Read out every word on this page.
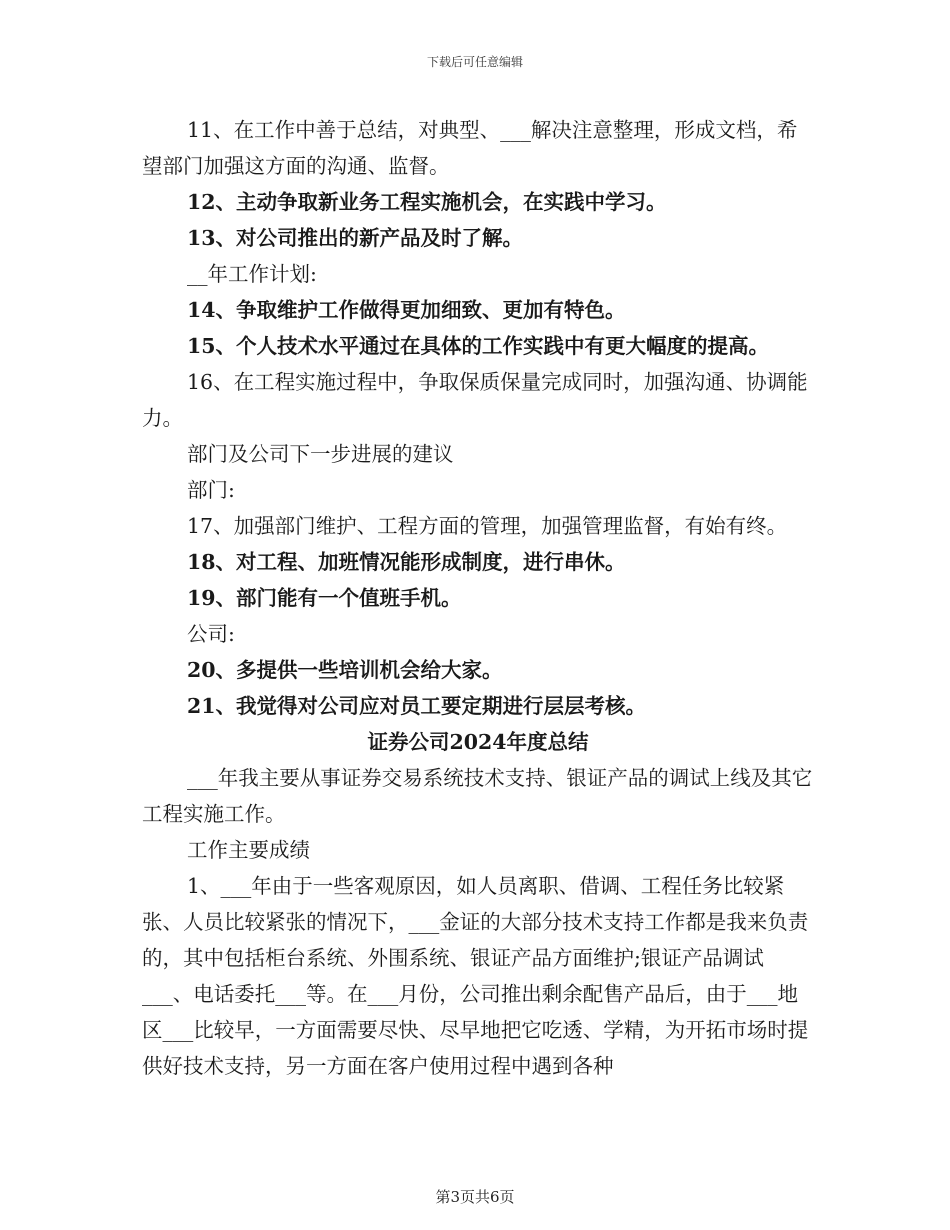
下载后可任意编辑

11、在工作中善于总结，对典型、___解决注意整理，形成文档，希望部门加强这方面的沟通、监督。

12、主动争取新业务工程实施机会，在实践中学习。

13、对公司推出的新产品及时了解。

__年工作计划:

14、争取维护工作做得更加细致、更加有特色。

15、个人技术水平通过在具体的工作实践中有更大幅度的提高。

16、在工程实施过程中，争取保质保量完成同时，加强沟通、协调能力。

部门及公司下一步进展的建议

部门:

17、加强部门维护、工程方面的管理，加强管理监督，有始有终。

18、对工程、加班情况能形成制度，进行串休。

19、部门能有一个值班手机。

公司:

20、多提供一些培训机会给大家。

21、我觉得对公司应对员工要定期进行层层考核。

证券公司2024年度总结

___年我主要从事证券交易系统技术支持、银证产品的调试上线及其它工程实施工作。

工作主要成绩

1、___年由于一些客观原因，如人员离职、借调、工程任务比较紧张、人员比较紧张的情况下，___金证的大部分技术支持工作都是我来负责的，其中包括柜台系统、外围系统、银证产品方面维护;银证产品调试___、电话委托___等。在___月份，公司推出剩余配售产品后，由于___地区___比较早，一方面需要尽快、尽早地把它吃透、学精，为开拓市场时提供好技术支持，另一方面在客户使用过程中遇到各种

第3页共6页
